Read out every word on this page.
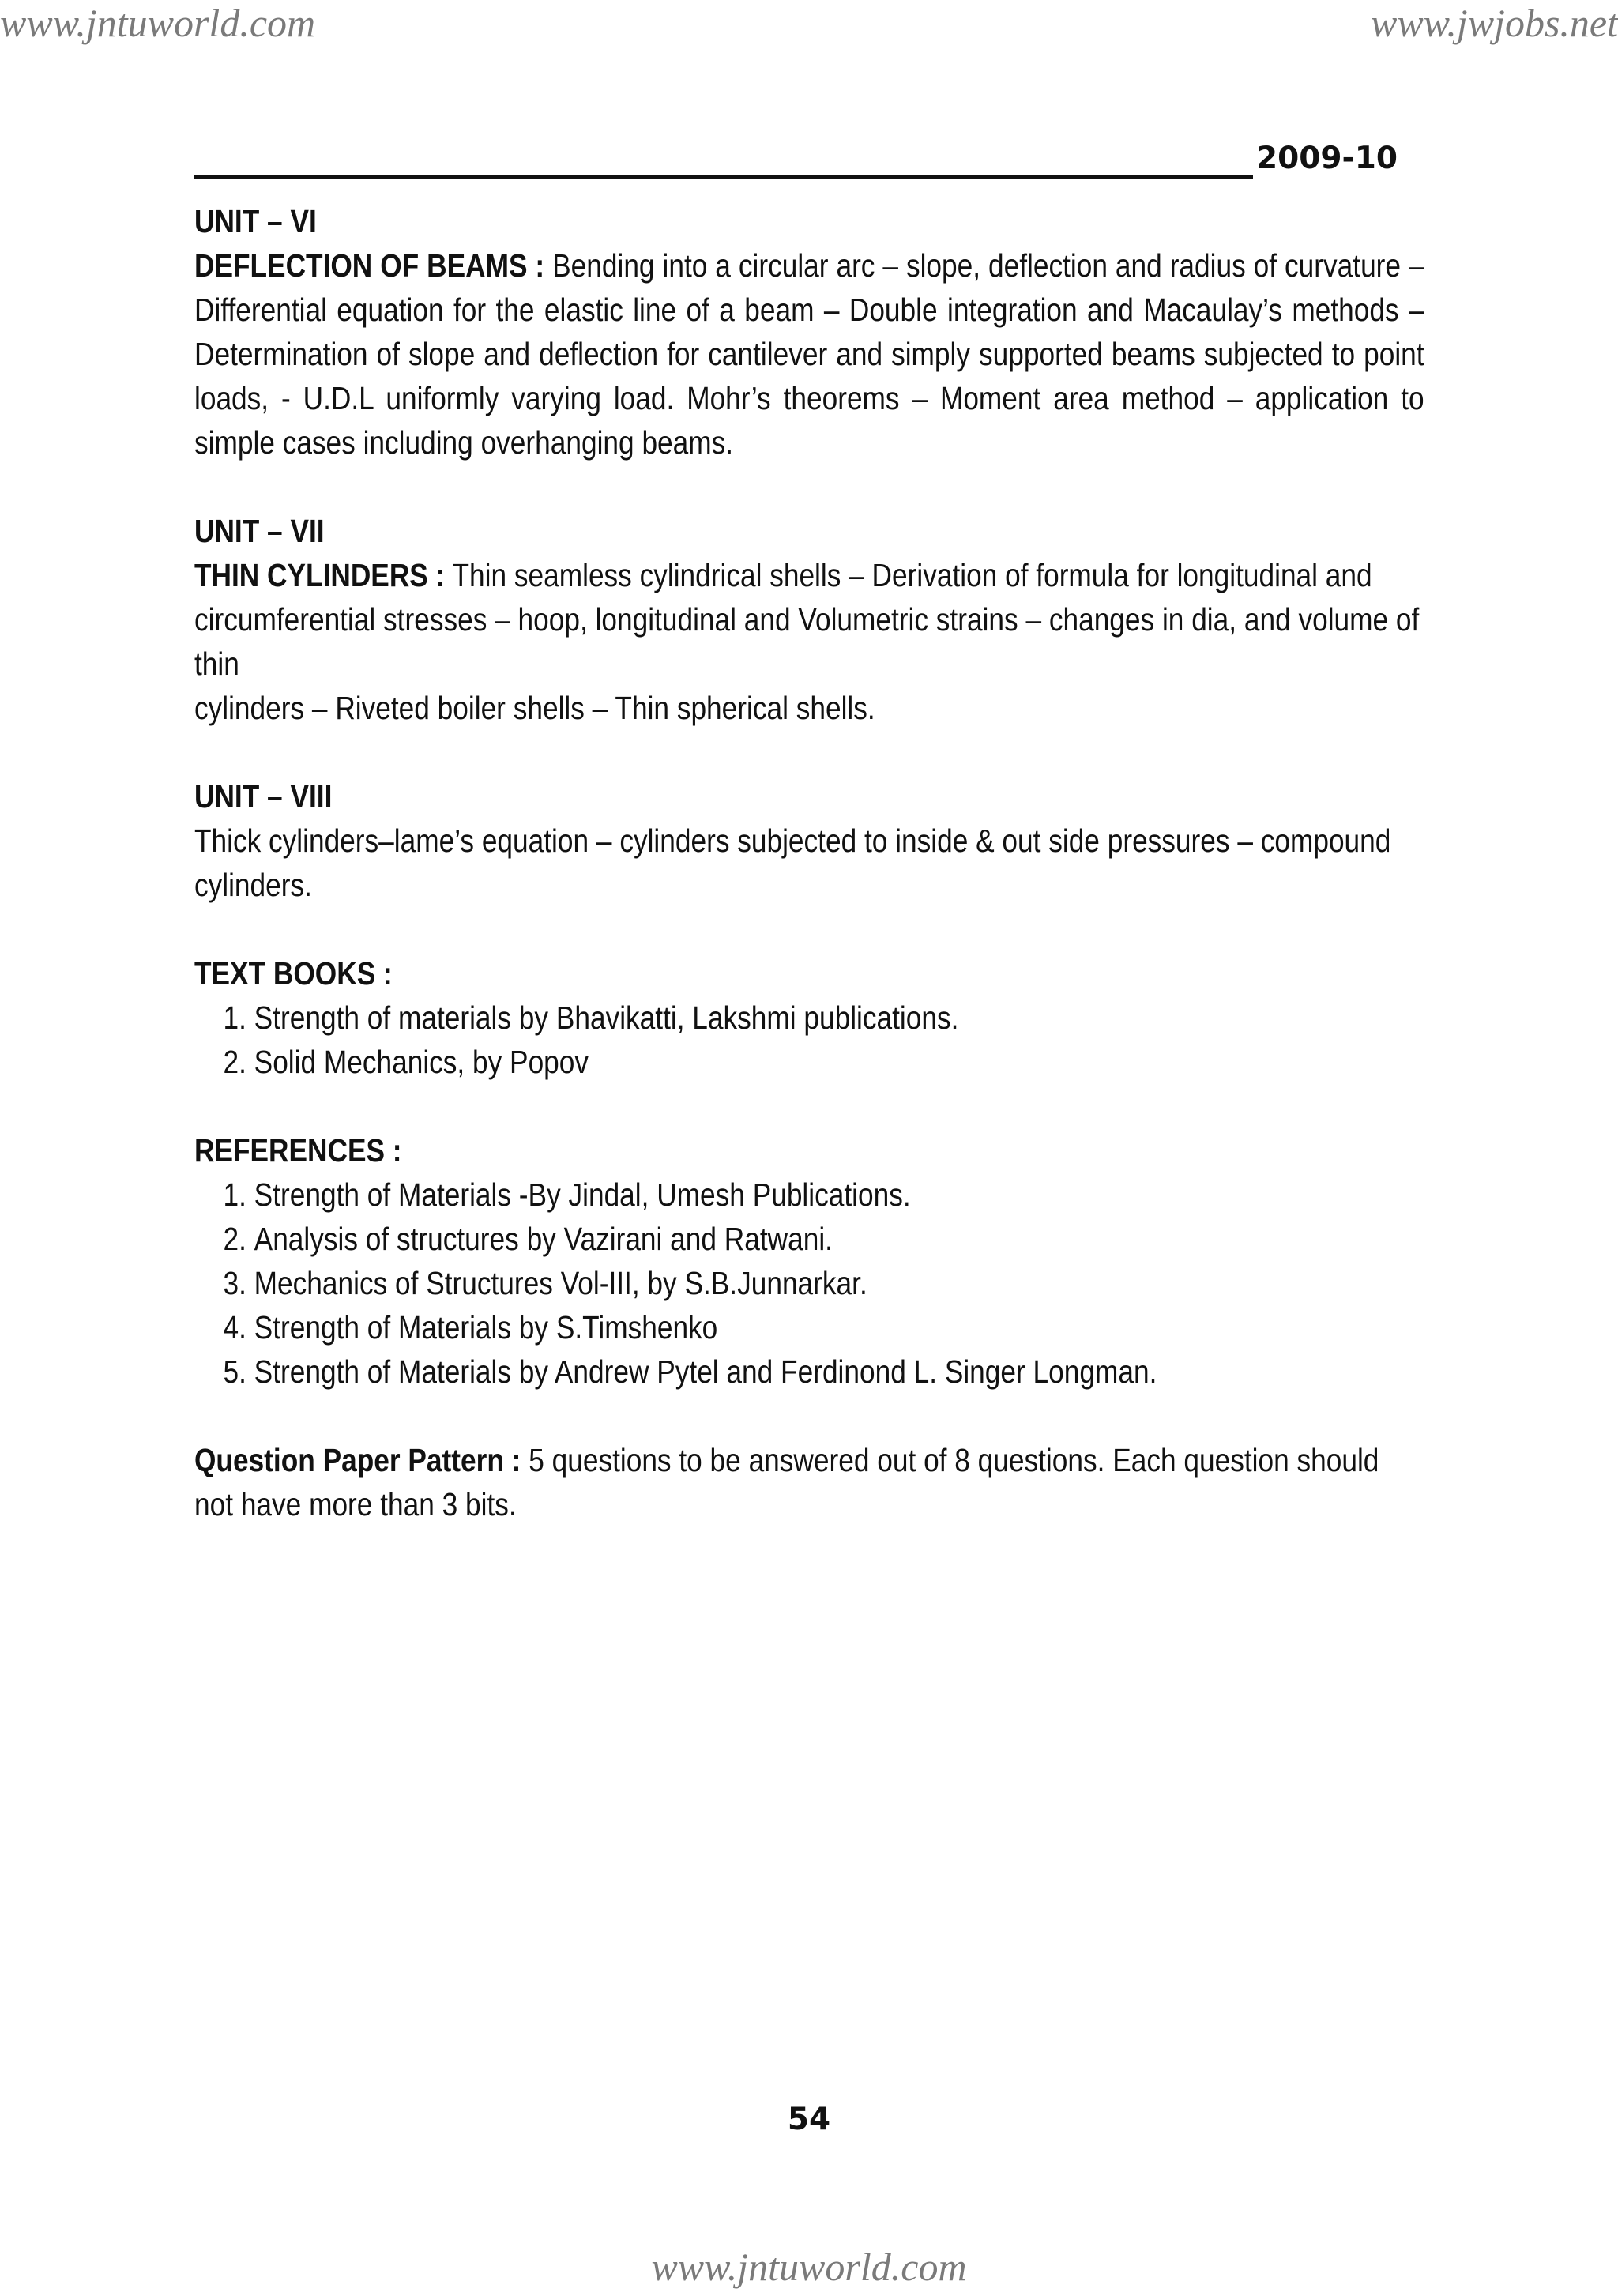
www.jntuworld.com	www.jwjobs.net
2009-10
UNIT – VI
DEFLECTION OF BEAMS : Bending into a circular arc – slope, deflection and radius of curvature – Differential equation for the elastic line of a beam – Double integration and Macaulay’s methods – Determination of slope and deflection for cantilever and simply supported beams subjected to point loads, - U.D.L uniformly varying load. Mohr’s theorems – Moment area method – application to simple cases including overhanging beams.
UNIT – VII
THIN CYLINDERS : Thin seamless cylindrical shells – Derivation of formula for longitudinal and circumferential stresses – hoop, longitudinal and Volumetric strains – changes in dia, and volume of thin
cylinders – Riveted boiler shells – Thin spherical shells.
UNIT – VIII
Thick cylinders–lame’s equation – cylinders subjected to inside & out side pressures – compound cylinders.
TEXT BOOKS :
1. Strength of materials by Bhavikatti, Lakshmi publications.
2. Solid Mechanics, by Popov
REFERENCES :
1. Strength of Materials -By Jindal, Umesh Publications.
2. Analysis of structures by Vazirani and Ratwani.
3. Mechanics of Structures Vol-III, by S.B.Junnarkar.
4. Strength of Materials by S.Timshenko
5. Strength of Materials by Andrew Pytel and Ferdinond L. Singer Longman.
Question Paper Pattern : 5 questions to be answered out of 8 questions. Each question should not have more than 3 bits.
54
www.jntuworld.com
